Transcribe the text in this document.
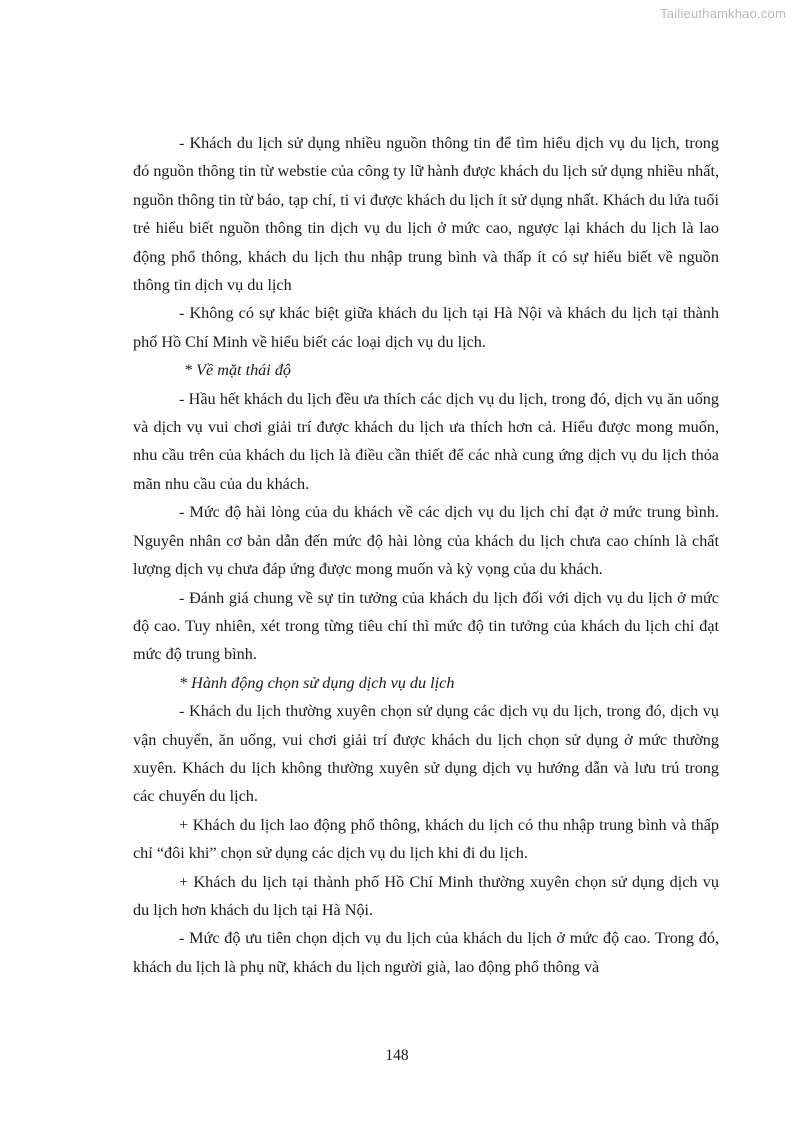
Tailieuthamkhao.com

- Khách du lịch sử dụng nhiều nguồn thông tin để tìm hiểu dịch vụ du lịch, trong đó nguồn thông tin từ webstie của công ty lữ hành được khách du lịch sử dụng nhiều nhất, nguồn thông tin từ báo, tạp chí, ti vi được khách du lịch ít sử dụng nhất. Khách du lứa tuổi trẻ hiểu biết nguồn thông tin dịch vụ du lịch ở mức cao, ngược lại khách du lịch là lao động phổ thông, khách du lịch thu nhập trung bình và thấp ít có sự hiểu biết về nguồn thông tin dịch vụ du lịch

- Không có sự khác biệt giữa khách du lịch tại Hà Nội và khách du lịch tại thành phố Hồ Chí Minh về hiểu biết các loại dịch vụ du lịch.

* Về mặt thái độ

- Hầu hết khách du lịch đều ưa thích các dịch vụ du lịch, trong đó, dịch vụ ăn uống và dịch vụ vui chơi giải trí được khách du lịch ưa thích hơn cả. Hiểu được mong muốn, nhu cầu trên của khách du lịch là điều cần thiết để các nhà cung ứng dịch vụ du lịch thỏa mãn nhu cầu của du khách.

- Mức độ hài lòng của du khách về các dịch vụ du lịch chỉ đạt ở mức trung bình. Nguyên nhân cơ bản dẫn đến mức độ hài lòng của khách du lịch chưa cao chính là chất lượng dịch vụ chưa đáp ứng được mong muốn và kỳ vọng của du khách.

- Đánh giá chung về sự tin tưởng của khách du lịch đối với dịch vụ du lịch ở mức độ cao. Tuy nhiên, xét trong từng tiêu chí thì mức độ tin tưởng của khách du lịch chỉ đạt mức độ trung bình.

* Hành động chọn sử dụng dịch vụ du lịch

- Khách du lịch thường xuyên chọn sử dụng các dịch vụ du lịch, trong đó, dịch vụ vận chuyển, ăn uống, vui chơi giải trí được khách du lịch chọn sử dụng ở mức thường xuyên. Khách du lịch không thường xuyên sử dụng dịch vụ hướng dẫn và lưu trú trong các chuyến du lịch.

+ Khách du lịch lao động phổ thông, khách du lịch có thu nhập trung bình và thấp chỉ “đôi khi” chọn sử dụng các dịch vụ du lịch khi đi du lịch.

+ Khách du lịch tại thành phố Hồ Chí Minh thường xuyên chọn sử dụng dịch vụ du lịch hơn khách du lịch tại Hà Nội.

- Mức độ ưu tiên chọn dịch vụ du lịch của khách du lịch ở mức độ cao. Trong đó, khách du lịch là phụ nữ, khách du lịch người già, lao động phổ thông và

148
